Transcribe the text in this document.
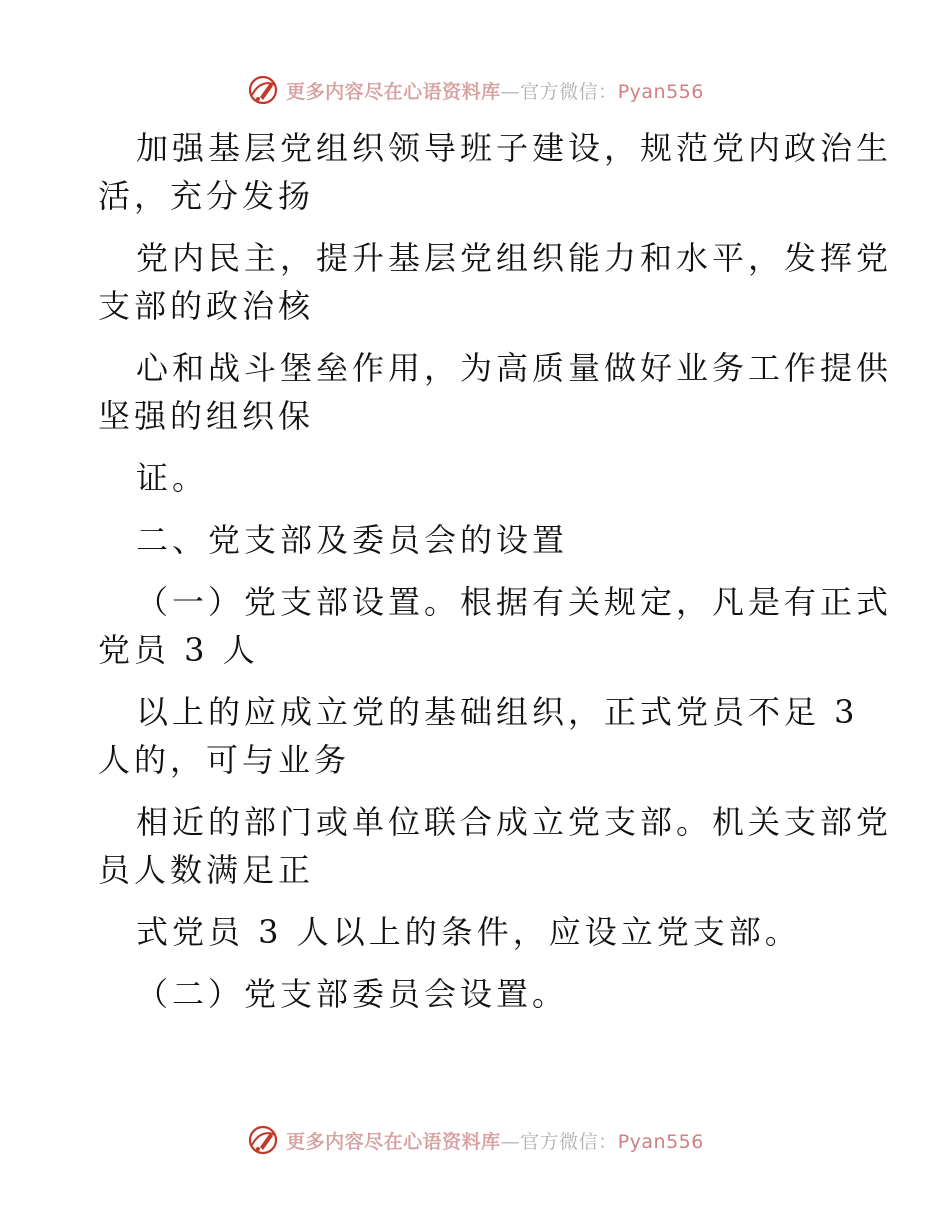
更多内容尽在心语资料库—官方微信：Pyan556
加强基层党组织领导班子建设，规范党内政治生
活，充分发扬
党内民主，提升基层党组织能力和水平，发挥党
支部的政治核
心和战斗堡垒作用，为高质量做好业务工作提供
坚强的组织保
证。
二、党支部及委员会的设置
（一）党支部设置。根据有关规定，凡是有正式
党员 3 人
以上的应成立党的基础组织，正式党员不足 3
人的，可与业务
相近的部门或单位联合成立党支部。机关支部党
员人数满足正
式党员 3 人以上的条件，应设立党支部。
（二）党支部委员会设置。
更多内容尽在心语资料库—官方微信：Pyan556
